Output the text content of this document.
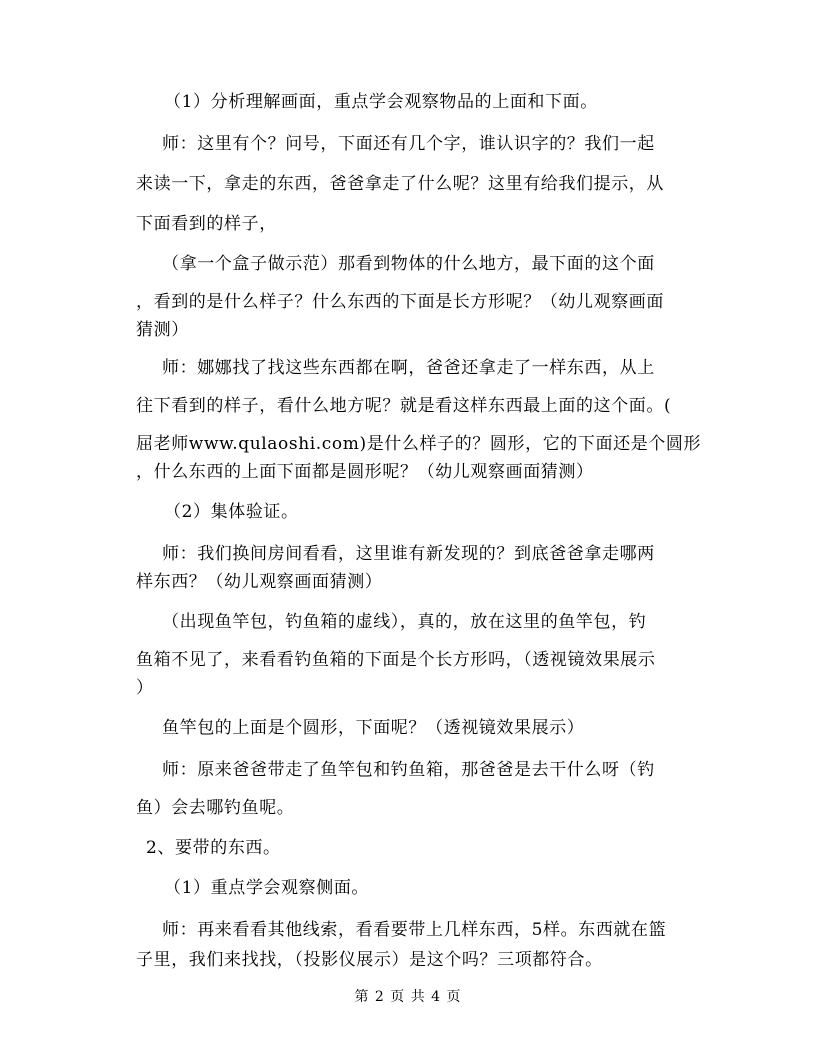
（1）分析理解画面，重点学会观察物品的上面和下面。
师：这里有个？问号，下面还有几个字，谁认识字的？我们一起
来读一下，拿走的东西，爸爸拿走了什么呢？这里有给我们提示，从
下面看到的样子，
（拿一个盒子做示范）那看到物体的什么地方，最下面的这个面
，看到的是什么样子？什么东西的下面是长方形呢？（幼儿观察画面
猜测）
师：娜娜找了找这些东西都在啊，爸爸还拿走了一样东西，从上
往下看到的样子，看什么地方呢？就是看这样东西最上面的这个面。(
屈老师www.qulaoshi.com)是什么样子的？圆形，它的下面还是个圆形
，什么东西的上面下面都是圆形呢？（幼儿观察画面猜测）
（2）集体验证。
师：我们换间房间看看，这里谁有新发现的？到底爸爸拿走哪两
样东西？（幼儿观察画面猜测）
（出现鱼竿包，钓鱼箱的虚线），真的，放在这里的鱼竿包，钓
鱼箱不见了，来看看钓鱼箱的下面是个长方形吗，（透视镜效果展示
）
鱼竿包的上面是个圆形，下面呢？（透视镜效果展示）
师：原来爸爸带走了鱼竿包和钓鱼箱，那爸爸是去干什么呀（钓
鱼）会去哪钓鱼呢。
2、要带的东西。
（1）重点学会观察侧面。
师：再来看看其他线索，看看要带上几样东西，5样。东西就在篮
子里，我们来找找，（投影仪展示）是这个吗？三项都符合。
第 2 页 共 4 页
